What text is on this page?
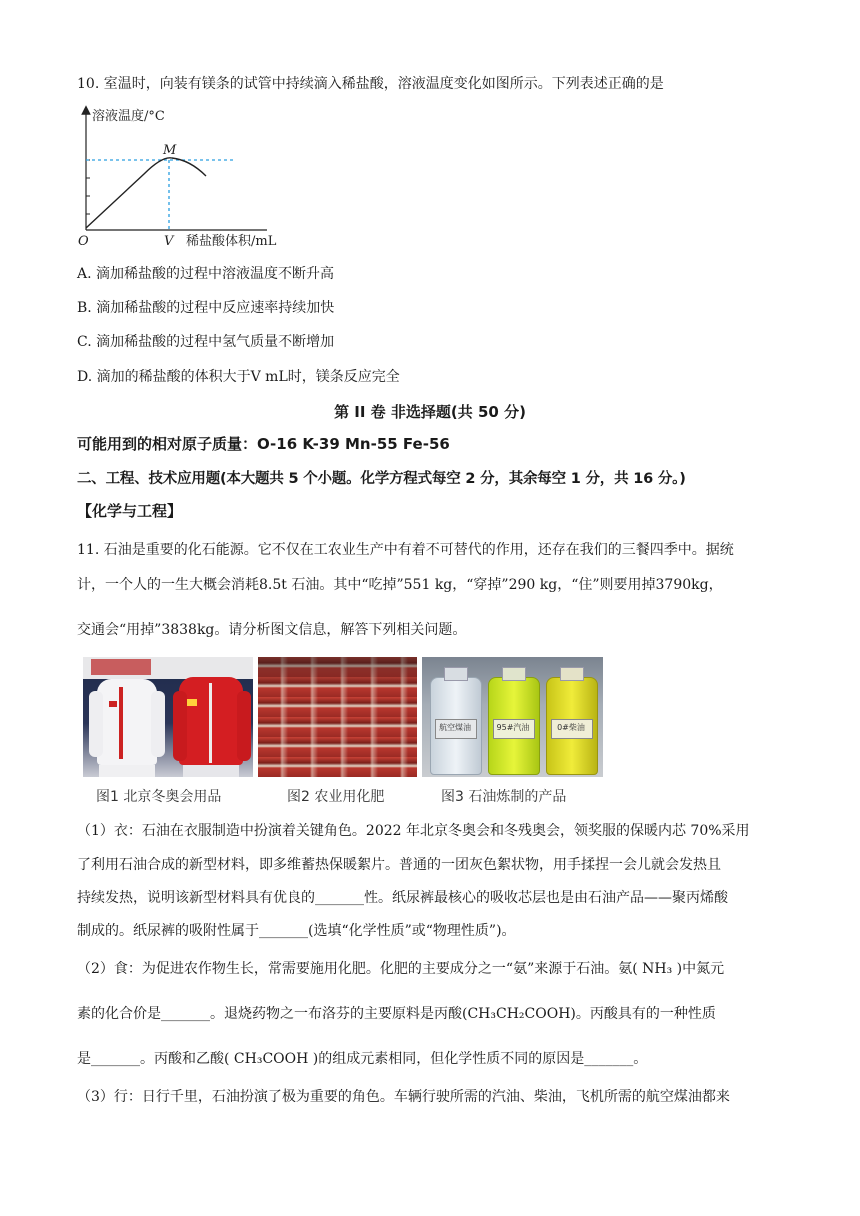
10. 室温时，向装有镁条的试管中持续滴入稀盐酸，溶液温度变化如图所示。下列表述正确的是
溶液温度/°C
M
O	V 稀盐酸体积/mL
A. 滴加稀盐酸的过程中溶液温度不断升高
B. 滴加稀盐酸的过程中反应速率持续加快
C. 滴加稀盐酸的过程中氢气质量不断增加
D. 滴加的稀盐酸的体积大于V mL时，镁条反应完全
第 II 卷 非选择题(共 50 分)
可能用到的相对原子质量：O-16 K-39 Mn-55 Fe-56
二、工程、技术应用题(本大题共 5 个小题。化学方程式每空 2 分，其余每空 1 分，共 16 分。)
【化学与工程】
11. 石油是重要的化石能源。它不仅在工农业生产中有着不可替代的作用，还存在我们的三餐四季中。据统
计，一个人的一生大概会消耗8.5t 石油。其中“吃掉”551 kg，“穿掉”290 kg，“住”则要用掉3790kg，
交通会“用掉”3838kg。请分析图文信息，解答下列相关问题。
航空煤油	95#汽油	0#柴油
图1 北京冬奥会用品	图2 农业用化肥	图3 石油炼制的产品
（1）衣：石油在衣服制造中扮演着关键角色。2022 年北京冬奥会和冬残奥会，领奖服的保暖内芯 70%采用
了利用石油合成的新型材料，即多维蓄热保暖絮片。普通的一团灰色絮状物，用手揉捏一会儿就会发热且
持续发热，说明该新型材料具有优良的_______性。纸尿裤最核心的吸收芯层也是由石油产品——聚丙烯酸
制成的。纸尿裤的吸附性属于_______(选填“化学性质”或“物理性质”)。
（2）食：为促进农作物生长，常需要施用化肥。化肥的主要成分之一“氨”来源于石油。氨( NH₃ )中氮元
素的化合价是_______。退烧药物之一布洛芬的主要原料是丙酸(CH₃CH₂COOH)。丙酸具有的一种性质
是_______。丙酸和乙酸( CH₃COOH )的组成元素相同，但化学性质不同的原因是_______。
（3）行：日行千里，石油扮演了极为重要的角色。车辆行驶所需的汽油、柴油，飞机所需的航空煤油都来
